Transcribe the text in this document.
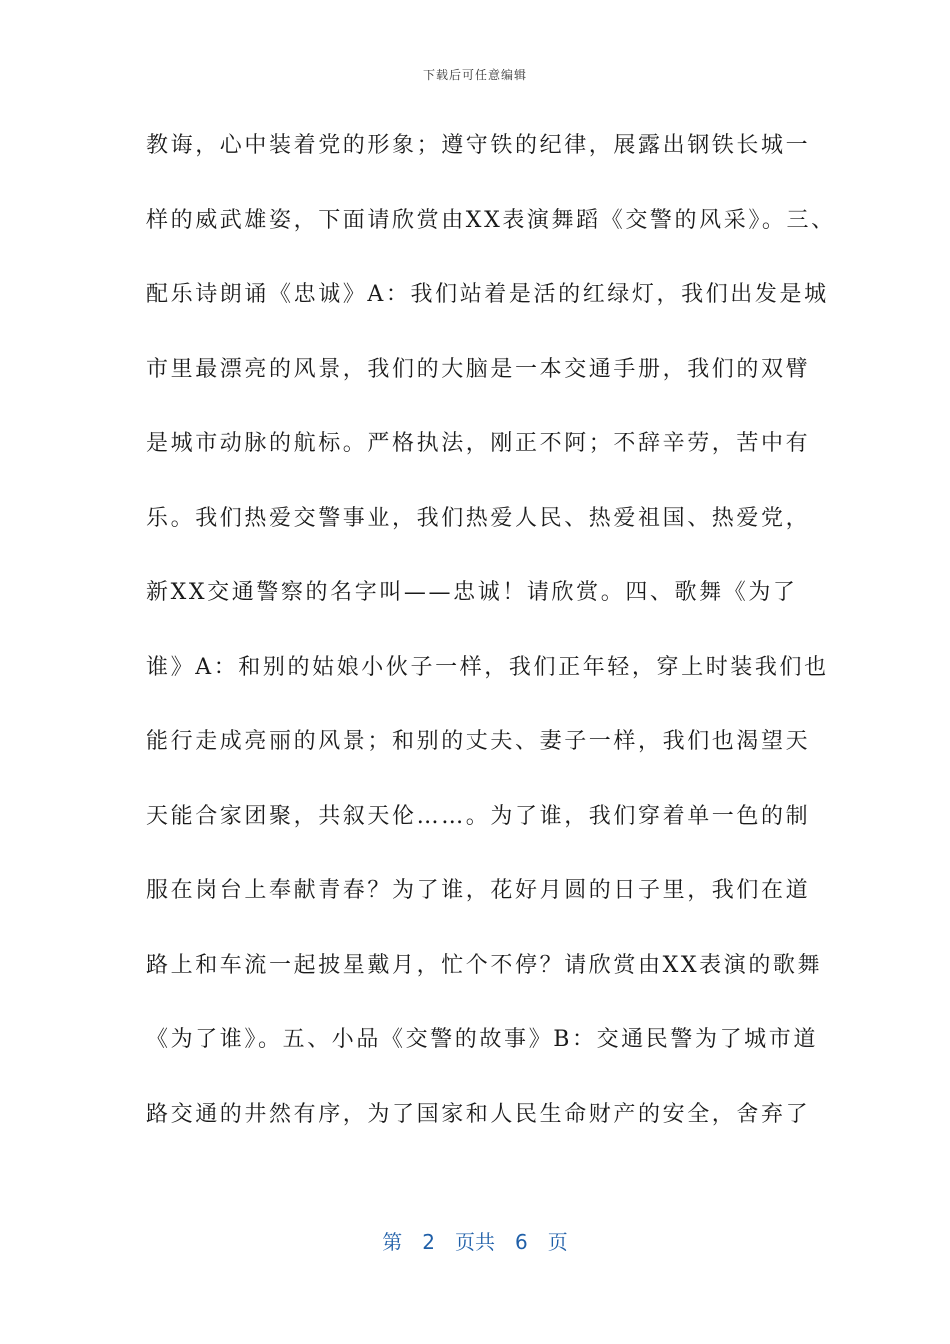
下载后可任意编辑
教诲，心中装着党的形象；遵守铁的纪律，展露出钢铁长城一
样的威武雄姿，下面请欣赏由XX表演舞蹈《交警的风采》。三、
配乐诗朗诵《忠诚》A：我们站着是活的红绿灯，我们出发是城
市里最漂亮的风景，我们的大脑是一本交通手册，我们的双臂
是城市动脉的航标。严格执法，刚正不阿；不辞辛劳，苦中有
乐。我们热爱交警事业，我们热爱人民、热爱祖国、热爱党，
新XX交通警察的名字叫——忠诚！请欣赏。四、歌舞《为了
谁》A：和别的姑娘小伙子一样，我们正年轻，穿上时装我们也
能行走成亮丽的风景；和别的丈夫、妻子一样，我们也渴望天
天能合家团聚，共叙天伦……。为了谁，我们穿着单一色的制
服在岗台上奉献青春？为了谁，花好月圆的日子里，我们在道
路上和车流一起披星戴月，忙个不停？请欣赏由XX表演的歌舞
《为了谁》。五、小品《交警的故事》B：交通民警为了城市道
路交通的井然有序，为了国家和人民生命财产的安全，舍弃了
第 2 页共 6 页
